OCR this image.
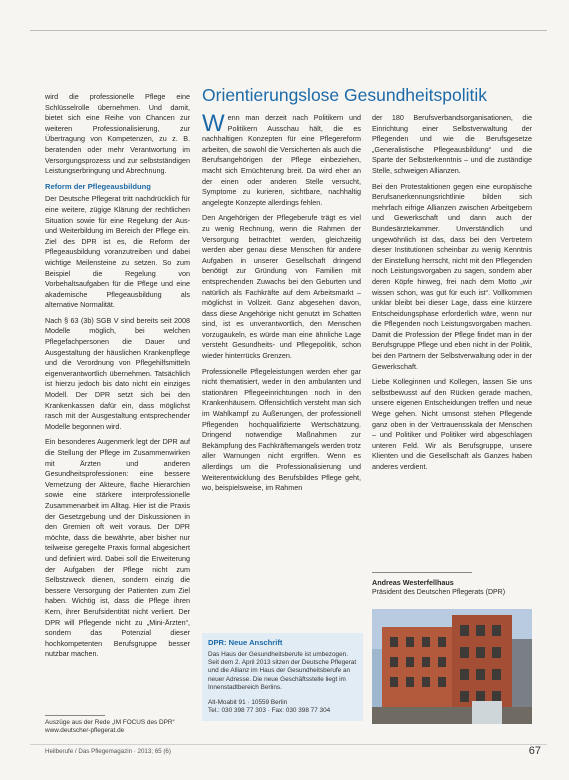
Orientierungslose Gesundheitspolitik

wird die professionelle Pflege eine Schlüsselrolle übernehmen. Und damit, bietet sich eine Reihe von Chancen zur weiteren Professionalisierung, zur Übertragung von Kompetenzen, zu z. B. beratenden oder mehr Verantwortung im Versorgungsprozess und zur selbstständigen Leistungserbringung und Abrechnung.

Reform der Pflegeausbildung

Der Deutsche Pflegerat tritt nachdrücklich für eine weitere, zügige Klärung der rechtlichen Situation sowie für eine Regelung der Aus- und Weiterbildung im Bereich der Pflege ein. Ziel des DPR ist es, die Reform der Pflegeausbildung voranzutreiben und dabei wichtige Meilensteine zu setzen. So zum Beispiel die Regelung von Vorbehaltsaufgaben für die Pflege und eine akademische Pflegeausbildung als alternative Normalität.

Nach § 63 (3b) SGB V sind bereits seit 2008 Modelle möglich, bei welchen Pflegefachpersonen die Dauer und Ausgestaltung der häuslichen Krankenpflege und die Verordnung von Pflegehilfsmitteln eigenverantwortlich übernehmen. Tatsächlich ist hierzu jedoch bis dato nicht ein einziges Modell. Der DPR setzt sich bei den Krankenkassen dafür ein, dass möglichst rasch mit der Ausgestaltung entsprechender Modelle begonnen wird.

Ein besonderes Augenmerk legt der DPR auf die Stellung der Pflege im Zusammenwirken mit Ärzten und anderen Gesundheitsprofessionen: eine bessere Vernetzung der Akteure, flache Hierarchien sowie eine stärkere interprofessionelle Zusammenarbeit im Alltag. Hier ist die Praxis der Gesetzgebung und der Diskussionen in den Gremien oft weit voraus. Der DPR möchte, dass die bewährte, aber bisher nur teilweise geregelte Praxis formal abgesichert und definiert wird. Dabei soll die Erweiterung der Aufgaben der Pflege nicht zum Selbstzweck dienen, sondern einzig die bessere Versorgung der Patienten zum Ziel haben. Wichtig ist, dass die Pflege ihren Kern, ihrer Berufsidentität nicht verliert. Der DPR will Pflegende nicht zu „Mini-Ärzten“, sondern das Potenzial dieser hochkompetenten Berufsgruppe besser nutzbar machen.

Wenn man derzeit nach Politikern und Politikern Ausschau hält, die es nachhaltigen Konzepten für eine Pflegereform arbeiten, die sowohl die Versicherten als auch die Berufsangehörigen der Pflege einbeziehen, macht sich Ernüchterung breit. Da wird eher an der einen oder anderen Stelle versucht, Symptome zu kurieren, sichtbare, nachhaltig angelegte Konzepte allerdings fehlen.

Den Angehörigen der Pflegeberufe trägt es viel zu wenig Rechnung, wenn die Rahmen der Versorgung betrachtet werden, gleichzeitig werden aber genau diese Menschen für andere Aufgaben in unserer Gesellschaft dringend benötigt zur Gründung von Familien mit entsprechenden Zuwachs bei den Geburten und natürlich als Fachkräfte auf dem Arbeitsmarkt – möglichst in Vollzeit. Ganz abgesehen davon, dass diese Angehörige nicht genutzt im Schatten sind, ist es unverantwortlich, den Menschen vorzugaukeln, es würde man eine ähnliche Lage versteht Gesundheits- und Pflegepolitik, schon wieder hinterrücks Grenzen.

Professionelle Pflegeleistungen werden eher gar nicht thematisiert, weder in den ambulanten und stationären Pflegeeinrichtungen noch in den Krankenhäusern. Offensichtlich versteht man sich im Wahlkampf zu Äußerungen, der professionell Pflegenden hochqualifizierte Wertschätzung. Dringend notwendige Maßnahmen zur Bekämpfung des Fachkräftemangels werden trotz aller Warnungen nicht ergriffen. Wenn es allerdings um die Professionalisierung und Weiterentwicklung des Berufsbildes Pflege geht, wo, beispielsweise, im Rahmen

der 180 Berufsverbandsorganisationen, die Einrichtung einer Selbstverwaltung der Pflegenden und wie die Berufsgesetze „Generalistische Pflegeausbildung“ und die Sparte der Selbsterkenntnis – und die zuständige Stelle, schweigen Allianzen.

Bei den Protestaktionen gegen eine europäische Berufsanerkennungsrichtlinie bilden sich mehrfach eifrige Allianzen zwischen Arbeitgebern und Gewerkschaft und dann auch der Bundesärztekammer. Unverständlich und ungewöhnlich ist das, dass bei den Vertretern dieser Institutionen scheinbar zu wenig Kenntnis der Einstellung herrscht, nicht mit den Pflegenden noch Leistungsvorgaben zu sagen, sondern aber deren Köpfe hinweg, frei nach dem Motto „wir wissen schon, was gut für euch ist“. Vollkommen unklar bleibt bei dieser Lage, dass eine kürzere Entscheidungsphase erforderlich wäre, wenn nur die Pflegenden noch Leistungsvorgaben machen. Damit die Profession der Pflege findet man in der Berufsgruppe Pflege und eben nicht in der Politik, bei den Partnern der Selbstverwaltung oder in der Gewerkschaft.

Liebe Kolleginnen und Kollegen, lassen Sie uns selbstbewusst auf den Rücken gerade machen, unsere eigenen Entscheidungen treffen und neue Wege gehen. Nicht umsonst stehen Pflegende ganz oben in der Vertrauensskala der Menschen – und Politiker und Politiker wird abgeschlagen unteren Feld. Wir als Berufsgruppe, unsere Klienten und die Gesellschaft als Ganzes haben anderes verdient.

Andreas Westerfellhaus
Präsident des Deutschen Pflegerats (DPR)
DPR: Neue Anschrift
Das Haus der Gesundheitsberufe ist umbezogen. Seit dem 2. April 2013 sitzen der Deutsche Pflegerat und die Allianz im Haus der Gesundheitsberufe an neuer Adresse. Die neue Geschäftsstelle liegt im Innenstadtbereich Berlins.
Alt-Moabit 91 · 10559 Berlin
Tel.: 030 398 77 303 · Fax: 030 398 77 304
Auszüge aus der Rede „IM FOCUS des DPR“ www.deutscher-pflegerat.de
Heilberufe / Das Pflegemagazin · 2013; 65 (6)	67
